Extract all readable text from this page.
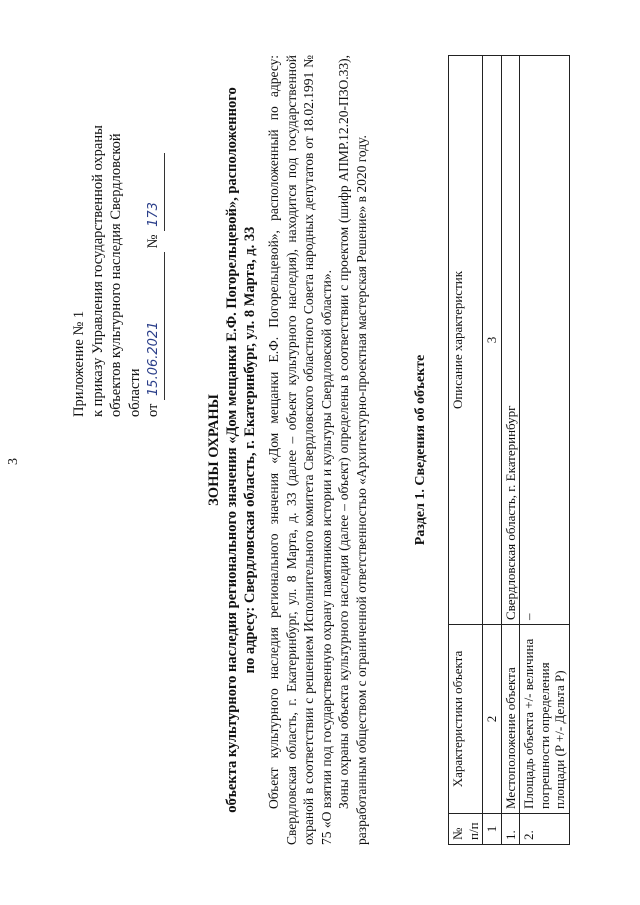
3
Приложение № 1 к приказу Управления государственной охраны объектов культурного наследия Свердловской области от 15.06.2021 № 173
ЗОНЫ ОХРАНЫ объекта культурного наследия регионального значения «Дом мещанки Е.Ф. Погорельцевой», расположенного по адресу: Свердловская область, г. Екатеринбург, ул. 8 Марта, д. 33 Объект культурного наследия регионального значения «Дом мещанки Е.Ф. Погорельцевой», расположенный по адресу: Свердловская область, г. Екатеринбург, ул. 8 Марта, д. 33 (далее – объект культурного наследия), находится под государственной охраной в соответствии с решением Исполнительного комитета Свердловского областного Совета народных депутатов от 18.02.1991 № 75 «О взятии под государственную охрану памятников истории и культуры Свердловской области». Зоны охраны объекта культурного наследия (далее – объект) определены в соответствии с проектом (шифр АПМР.12.20-П3О.33), разработанным обществом с ограниченной ответственностью «Архитектурно-проектная мастерская Решение» в 2020 году.	Раздел 1. Сведения об объекте
№ п/п	Характеристики объекта	Описание характеристик
1	2	3
1.	Местоположение объекта	Свердловская область, г. Екатеринбург
2.	Площадь объекта +/- величина погрешности определения площади (P +/- Дельта P)	–
